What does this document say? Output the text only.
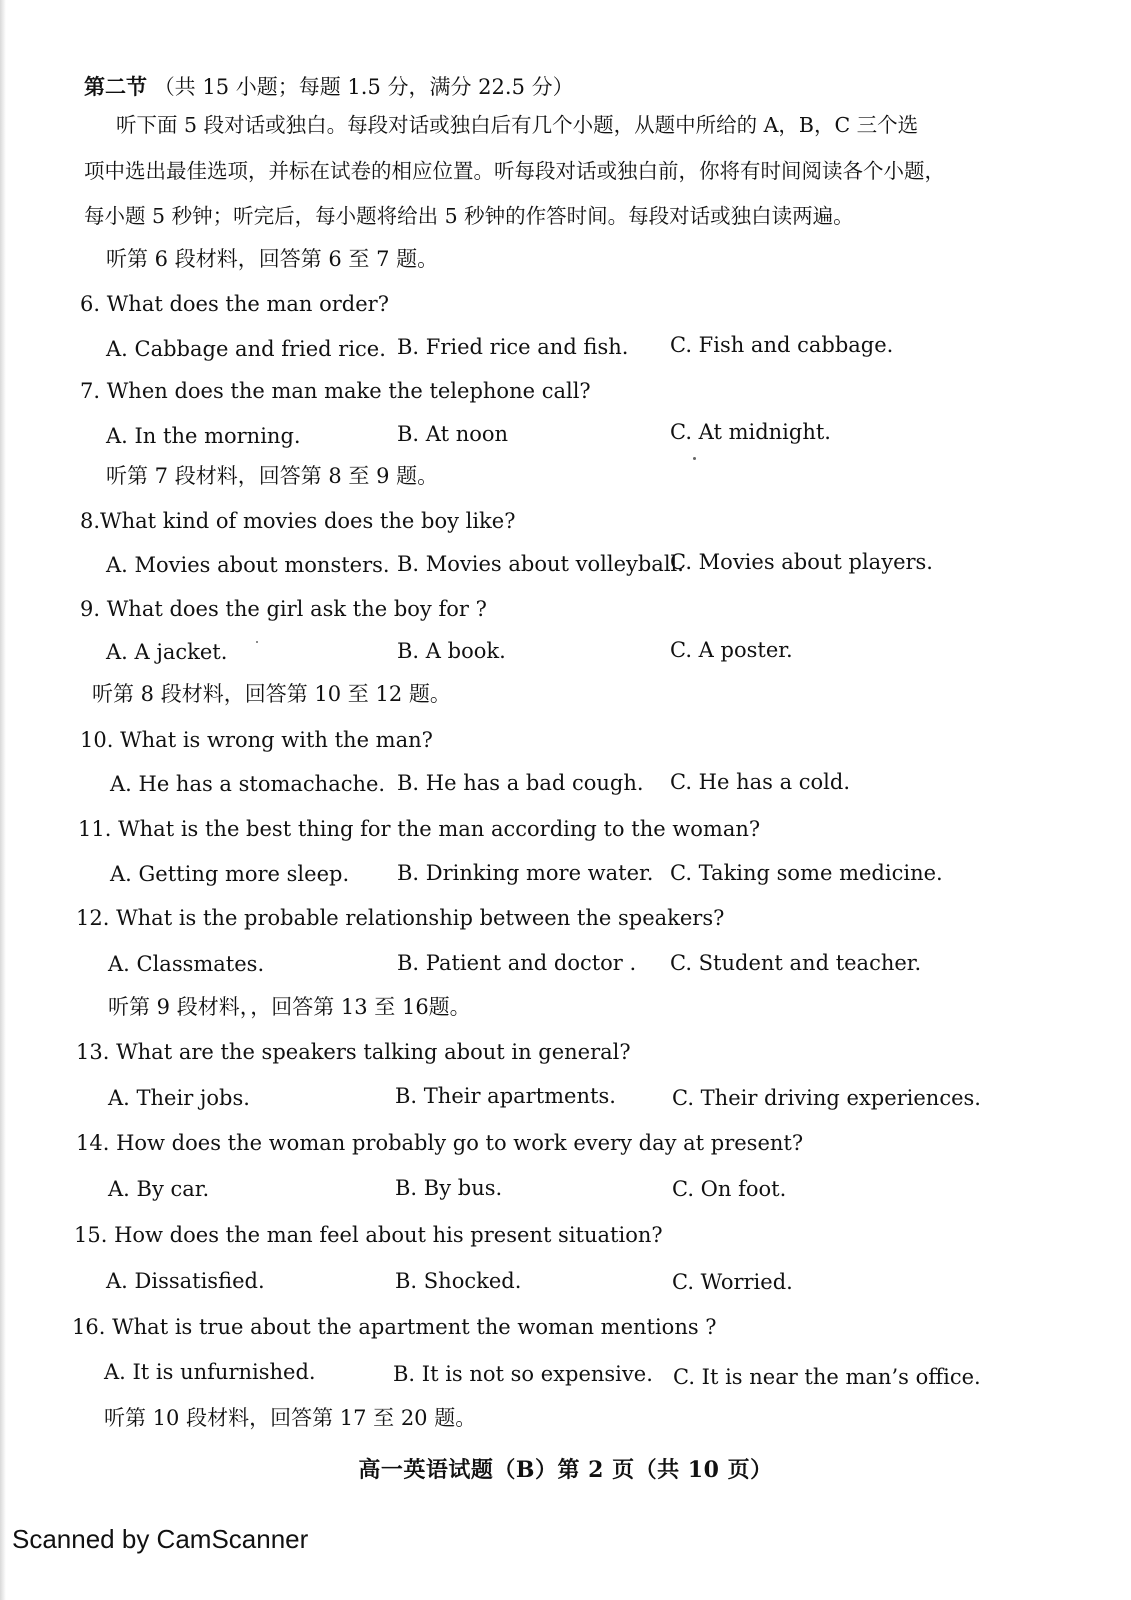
第二节 （共 15 小题；每题 1.5 分，满分 22.5 分）
听下面 5 段对话或独白。每段对话或独白后有几个小题，从题中所给的 A，B，C 三个选
项中选出最佳选项，并标在试卷的相应位置。听每段对话或独白前，你将有时间阅读各个小题，
每小题 5 秒钟；听完后，每小题将给出 5 秒钟的作答时间。每段对话或独白读两遍。
听第 6 段材料，回答第 6 至 7 题。
6. What does the man order?
A. Cabbage and fried rice. B. Fried rice and fish. C. Fish and cabbage.
7. When does the man make the telephone call?
A. In the morning.	B. At noon	C. At midnight.
听第 7 段材料，回答第 8 至 9 题。
8.What kind of movies does the boy like?
A. Movies about monsters. B. Movies about volleyball.
C. Movies about players.
9. What does the girl ask the boy for ?
A. A jacket.	B. A book.	C. A poster.
听第 8 段材料，回答第 10 至 12 题。
10. What is wrong with the man?
A. He has a stomachache. B. He has a bad cough. C. He has a cold.
11. What is the best thing for the man according to the woman?
A. Getting more sleep. B. Drinking more water. C. Taking some medicine.
12. What is the probable relationship between the speakers?
A. Classmates.	B. Patient and doctor . C. Student and teacher.
听第 9 段材料，，回答第 13 至 16题。
13. What are the speakers talking about in general?
A. Their jobs.	B. Their apartments.	C. Their driving experiences.
14. How does the woman probably go to work every day at present?
A. By car.	B. By bus.	C. On foot.
15. How does the man feel about his present situation?
A. Dissatisfied.	B. Shocked.	C. Worried.
16. What is true about the apartment the woman mentions ?
A. It is unfurnished.	B. It is not so expensive. C. It is near the man’s office.
听第 10 段材料，回答第 17 至 20 题。
高一英语试题（B）第 2 页（共 10 页）
Scanned by CamScanner
